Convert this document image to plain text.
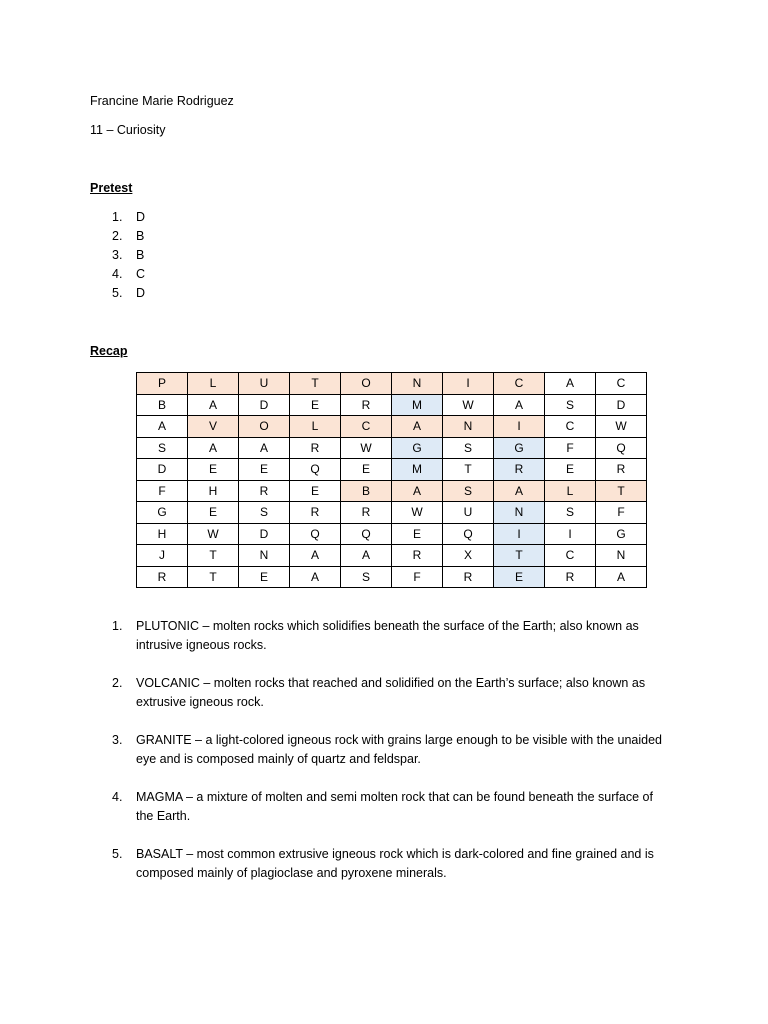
Francine Marie Rodriguez
11 – Curiosity
Pretest
1. D
2. B
3. B
4. C
5. D
Recap
P	L	U	T	O	N	I	C	A	C
B	A	D	E	R	M	W	A	S	D
A	V	O	L	C	A	N	I	C	W
S	A	A	R	W	G	S	G	F	Q
D	E	E	Q	E	M	T	R	E	R
F	H	R	E	B	A	S	A	L	T
G	E	S	R	R	W	U	N	S	F
H	W	D	Q	Q	E	Q	I	I	G
J	T	N	A	A	R	X	T	C	N
R	T	E	A	S	F	R	E	R	A
1.	PLUTONIC – molten rocks which solidifies beneath the surface of the Earth; also known as intrusive igneous rocks.
2.	VOLCANIC – molten rocks that reached and solidified on the Earth’s surface; also known as extrusive igneous rock.
3.	GRANITE – a light-colored igneous rock with grains large enough to be visible with the unaided eye and is composed mainly of quartz and feldspar.
4.	MAGMA – a mixture of molten and semi molten rock that can be found beneath the surface of the Earth.
5.	BASALT – most common extrusive igneous rock which is dark-colored and fine grained and is composed mainly of plagioclase and pyroxene minerals.
